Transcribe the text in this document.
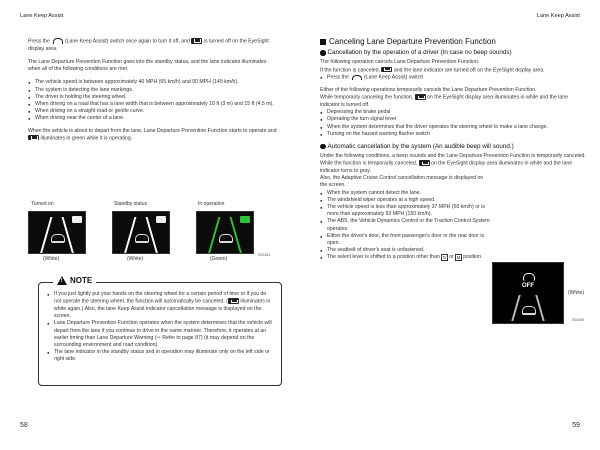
Lane Keep Assist

Press the	(Lane Keep Assist) switch once again to turn it off, and	is turned off on the EyeSight display area.

The Lane Departure Prevention Function goes into the standby status, and the lane indicator illuminates when all of the following conditions are met.

● The vehicle speed is between approximately 40 MPH (65 km/h) and 90 MPH (145 km/h).
● The system is detecting the lane markings.
● The driver is holding the steering wheel.
● When driving on a road that has a lane width that is between approximately 10 ft (3 m) and 15 ft (4.5 m).
● When driving on a straight road or gentle curve.
● When driving near the center of a lane.

When the vehicle is about to depart from the lane, Lane Departure Prevention Function starts to operate and  illuminates in green while it is operating.

Turned on	Standby status	In operation
(White)	(White)	(Green)
S02404
!
NOTE
● If you just lightly put your hands on the steering wheel for a certain period of time or if you do not operate the steering wheel, the function will automatically be canceled. ( illuminates in white again.) Also, the lane Keep Assist indicator cancellation message is displayed on the screen.
● Lane Departure Prevention Function operates when the system determines that the vehicle will depart from the lane if you continue to drive in the same manner. Therefore, it operates at an earlier timing than Lane Departure Warning (⇨ Refer to page 87) (it may depend on the surrounding environment and road condition).
● The lane indicator in the standby status and in operation may illuminate only on the left side or right side.
58
Lane Keep Assist
Canceling Lane Departure Prevention Function
Cancellation by the operation of a driver (In case no beep sounds)

The following operation cancels Lane Departure Prevention Function.

If the function is canceled,	and the lane indicator are turned off on the EyeSight display area.

● Press the	(Lane Keep Assist) switch.

Either of the following operations temporarily cancels the Lane Departure Prevention Function.

While temporarily canceling the function,	on the EyeSight display area illuminates in white and the lane indicator is turned off.

● Depressing the brake pedal
● Operating the turn signal lever
● When the system determines that the driver operates the steering wheel to make a lane change.
● Turning on the hazard warning flasher switch
Automatic cancellation by the system (An audible beep will sound.)

Under the following conditions, a beep sounds and the Lane Departure Prevention Function is temporarily canceled.

While the function is temporarily canceled,	on the EyeSight display area illuminates in white and the lane indicator turns to gray.

Also, the Adaptive Cruise Control cancellation message is displayed on the screen.

● When the system cannot detect the lane.
● The windshield wiper operates at a high speed.
● The vehicle speed is less than approximately 37 MPH (60 km/h) or is more than approximately 93 MPH (150 km/h).
● The ABS, the Vehicle Dynamics Control or the Traction Control System operates.
● Either the driver's door, the front passenger's door or the rear door is open.
● The seatbelt of driver's seat is unfastened.
● The select lever is shifted to a position other than D or M position.
OFF
(White)
S02405
59
